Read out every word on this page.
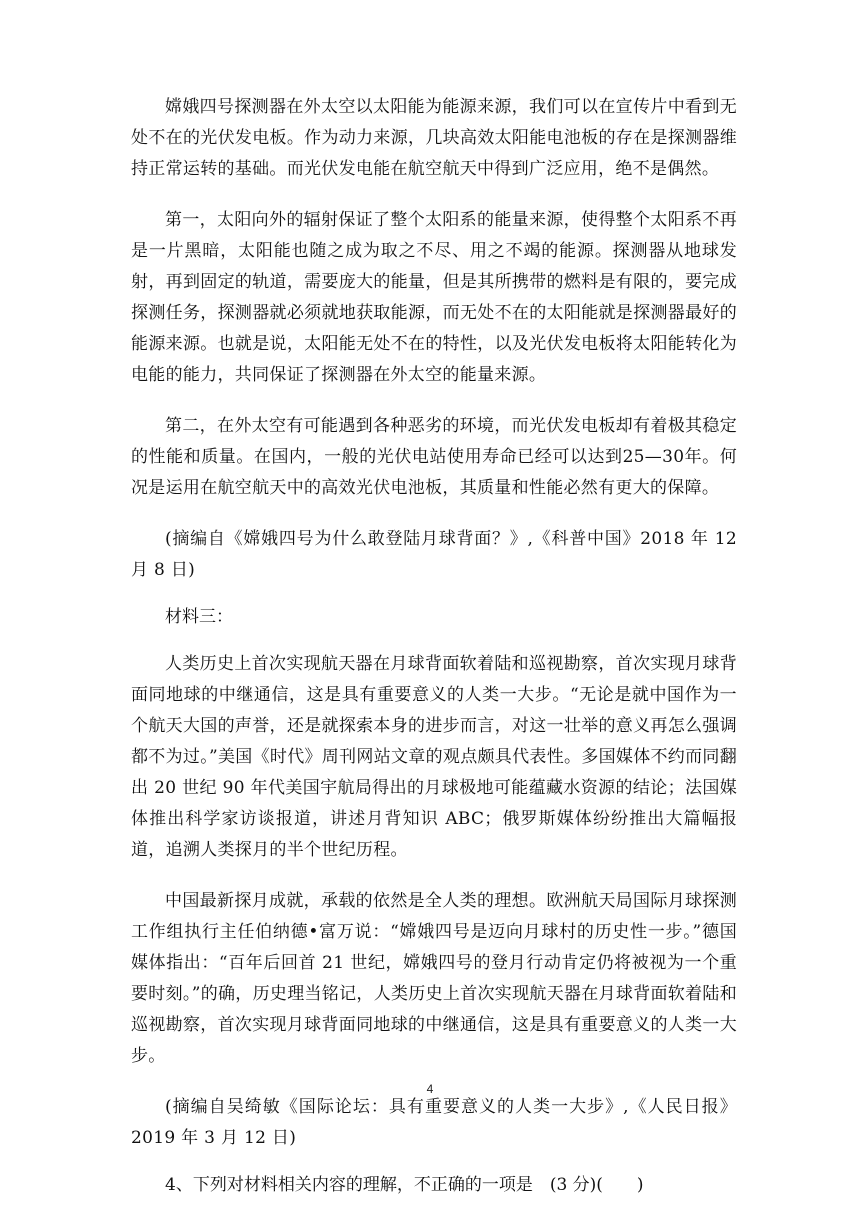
嫦娥四号探测器在外太空以太阳能为能源来源，我们可以在宣传片中看到无处不在的光伏发电板。作为动力来源，几块高效太阳能电池板的存在是探测器维持正常运转的基础。而光伏发电能在航空航天中得到广泛应用，绝不是偶然。

第一，太阳向外的辐射保证了整个太阳系的能量来源，使得整个太阳系不再是一片黑暗，太阳能也随之成为取之不尽、用之不竭的能源。探测器从地球发射，再到固定的轨道，需要庞大的能量，但是其所携带的燃料是有限的，要完成探测任务，探测器就必须就地获取能源，而无处不在的太阳能就是探测器最好的能源来源。也就是说，太阳能无处不在的特性，以及光伏发电板将太阳能转化为电能的能力，共同保证了探测器在外太空的能量来源。

第二，在外太空有可能遇到各种恶劣的环境，而光伏发电板却有着极其稳定的性能和质量。在国内，一般的光伏电站使用寿命已经可以达到25—30年。何况是运用在航空航天中的高效光伏电池板，其质量和性能必然有更大的保障。

(摘编自《嫦娥四号为什么敢登陆月球背面？》,《科普中国》2018 年 12 月 8 日)

材料三：

人类历史上首次实现航天器在月球背面软着陆和巡视勘察，首次实现月球背面同地球的中继通信，这是具有重要意义的人类一大步。“无论是就中国作为一个航天大国的声誉，还是就探索本身的进步而言，对这一壮举的意义再怎么强调都不为过。”美国《时代》周刊网站文章的观点颇具代表性。多国媒体不约而同翻出 20 世纪 90 年代美国宇航局得出的月球极地可能蕴藏水资源的结论；法国媒体推出科学家访谈报道，讲述月背知识 ABC；俄罗斯媒体纷纷推出大篇幅报道，追溯人类探月的半个世纪历程。

中国最新探月成就，承载的依然是全人类的理想。欧洲航天局国际月球探测工作组执行主任伯纳德•富万说：“嫦娥四号是迈向月球村的历史性一步。”德国媒体指出：“百年后回首 21 世纪，嫦娥四号的登月行动肯定仍将被视为一个重要时刻。”的确，历史理当铭记，人类历史上首次实现航天器在月球背面软着陆和巡视勘察，首次实现月球背面同地球的中继通信，这是具有重要意义的人类一大步。

(摘编自吴绮敏《国际论坛：具有重要意义的人类一大步》,《人民日报》2019 年 3 月 12 日)

4、下列对材料相关内容的理解，不正确的一项是　(3 分)(　　)

4
